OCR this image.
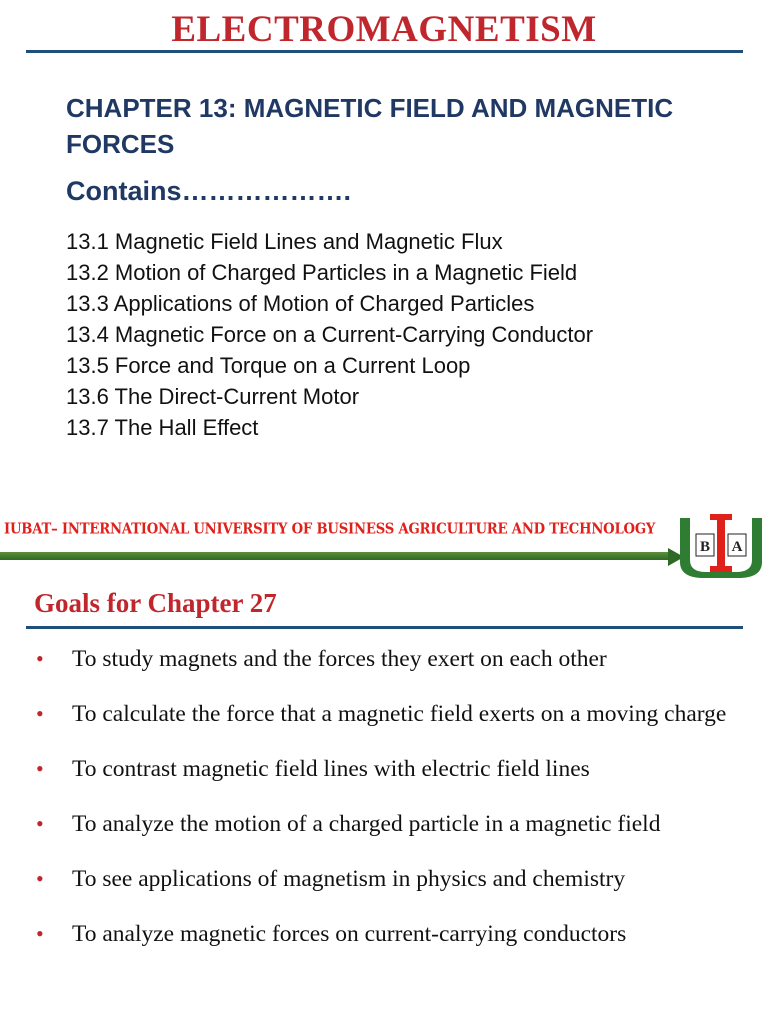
ELECTROMAGNETISM
CHAPTER 13: MAGNETIC FIELD AND MAGNETIC FORCES
Contains……………….
13.1 Magnetic Field Lines and Magnetic Flux
13.2 Motion of Charged Particles in a Magnetic Field
13.3 Applications of Motion of Charged Particles
13.4 Magnetic Force on a Current-Carrying Conductor
13.5 Force and Torque on a Current Loop
13.6 The Direct-Current Motor
13.7 The Hall Effect
IUBAT– INTERNATIONAL UNIVERSITY OF BUSINESS AGRICULTURE AND TECHNOLOGY
B A
Goals for Chapter 27
• To study magnets and the forces they exert on each other
• To calculate the force that a magnetic field exerts on a moving charge
• To contrast magnetic field lines with electric field lines
• To analyze the motion of a charged particle in a magnetic field
• To see applications of magnetism in physics and chemistry
• To analyze magnetic forces on current-carrying conductors
